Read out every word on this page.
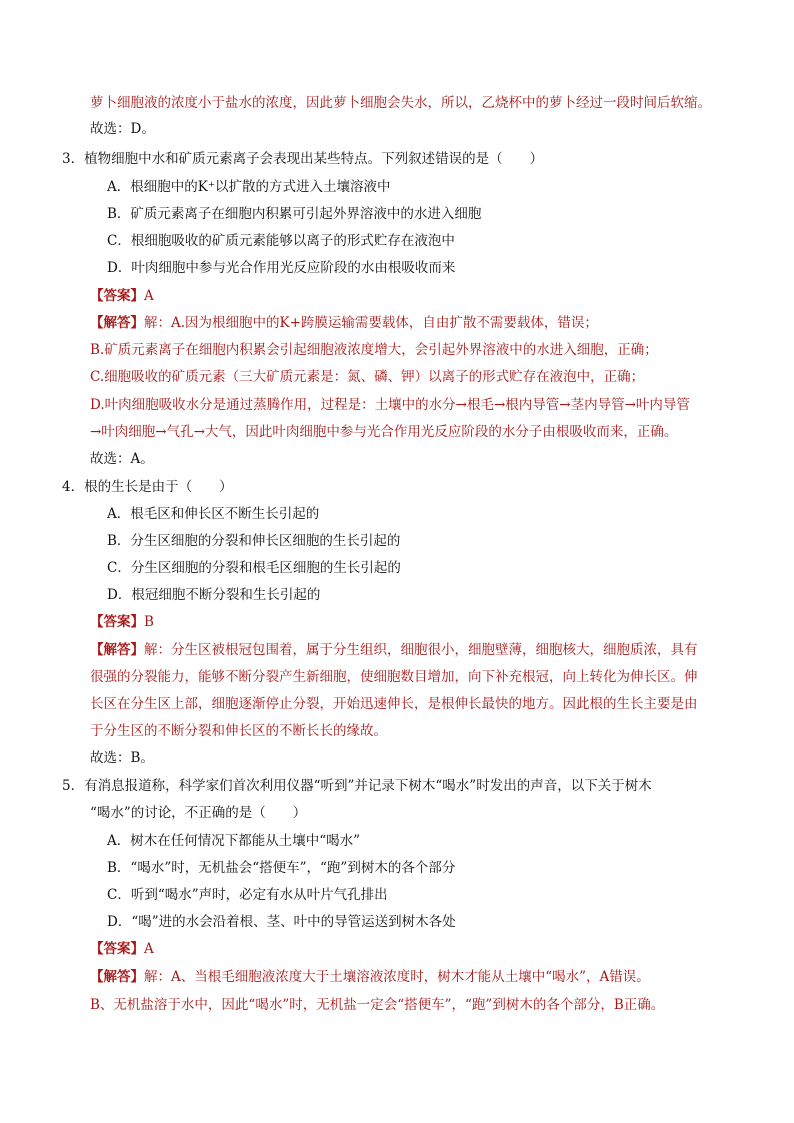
萝卜细胞液的浓度小于盐水的浓度，因此萝卜细胞会失水，所以，乙烧杯中的萝卜经过一段时间后软缩。
故选：D。
3．植物细胞中水和矿质元素离子会表现出某些特点。下列叙述错误的是（　　）
A．根细胞中的K⁺以扩散的方式进入土壤溶液中
B．矿质元素离子在细胞内积累可引起外界溶液中的水进入细胞
C．根细胞吸收的矿质元素能够以离子的形式贮存在液泡中
D．叶肉细胞中参与光合作用光反应阶段的水由根吸收而来
【答案】A
【解答】解：A.因为根细胞中的K+跨膜运输需要载体，自由扩散不需要载体，错误；
B.矿质元素离子在细胞内积累会引起细胞液浓度增大，会引起外界溶液中的水进入细胞，正确；
C.细胞吸收的矿质元素（三大矿质元素是：氮、磷、钾）以离子的形式贮存在液泡中，正确；
D.叶肉细胞吸收水分是通过蒸腾作用，过程是：土壤中的水分→根毛→根内导管→茎内导管→叶内导管
→叶肉细胞→气孔→大气，因此叶肉细胞中参与光合作用光反应阶段的水分子由根吸收而来，正确。
故选：A。
4．根的生长是由于（　　）
A．根毛区和伸长区不断生长引起的
B．分生区细胞的分裂和伸长区细胞的生长引起的
C．分生区细胞的分裂和根毛区细胞的生长引起的
D．根冠细胞不断分裂和生长引起的
【答案】B
【解答】解：分生区被根冠包围着，属于分生组织，细胞很小，细胞壁薄，细胞核大，细胞质浓，具有
很强的分裂能力，能够不断分裂产生新细胞，使细胞数目增加，向下补充根冠，向上转化为伸长区。伸
长区在分生区上部，细胞逐渐停止分裂，开始迅速伸长，是根伸长最快的地方。因此根的生长主要是由
于分生区的不断分裂和伸长区的不断长长的缘故。
故选：B。
5．有消息报道称，科学家们首次利用仪器“听到”并记录下树木“喝水”时发出的声音，以下关于树木
“喝水”的讨论，不正确的是（　　）
A．树木在任何情况下都能从土壤中“喝水”
B．“喝水”时，无机盐会“搭便车”，“跑”到树木的各个部分
C．听到“喝水”声时，必定有水从叶片气孔排出
D．“喝”进的水会沿着根、茎、叶中的导管运送到树木各处
【答案】A
【解答】解：A、当根毛细胞液浓度大于土壤溶液浓度时，树木才能从土壤中“喝水”，A错误。
B、无机盐溶于水中，因此“喝水”时，无机盐一定会“搭便车”，“跑”到树木的各个部分，B正确。
